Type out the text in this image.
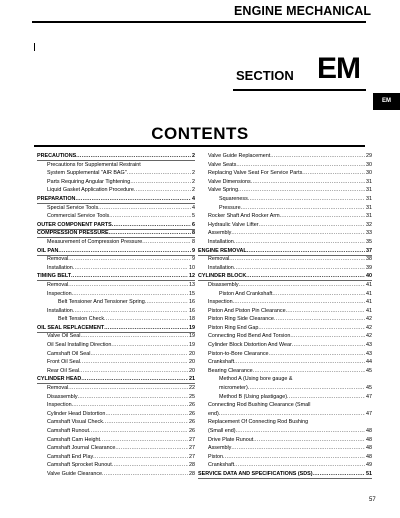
ENGINE MECHANICAL
SECTION EM
EM
CONTENTS
PRECAUTIONS .....	2
Precautions for Supplemental Restraint
System Supplemental "AIR BAG" .....	2
Parts Requiring Angular Tightening .....	2
Liquid Gasket Application Procedure .....	2
PREPARATION .....	4
Special Service Tools .....	4
Commercial Service Tools .....	5
OUTER COMPONENT PARTS .....	6
COMPRESSION PRESSURE .....	8
Measurement of Compression Pressure .....	8
OIL PAN .....	9
Removal .....	9
Installation .....	10
TIMING BELT .....	12
Removal .....	13
Inspection .....	15
Belt Tensioner And Tensioner Spring .....	16
Installation .....	16
Belt Tension Check .....	18
OIL SEAL REPLACEMENT .....	19
Valve Oil Seal .....	19
Oil Seal Installing Direction .....	19
Camshaft Oil Seal .....	20
Front Oil Seal .....	20
Rear Oil Seal .....	20
CYLINDER HEAD .....	21
Removal .....	22
Disassembly .....	25
Inspection .....	26
Cylinder Head Distortion .....	26
Camshaft Visual Check .....	26
Camshaft Runout .....	26
Camshaft Cam Height .....	27
Camshaft Journal Clearance .....	27
Camshaft End Play .....	27
Camshaft Sprocket Runout .....	28
Valve Guide Clearance .....	28
Valve Guide Replacement .....	29
Valve Seats .....	30
Replacing Valve Seat For Service Parts .....	30
Valve Dimensions .....	31
Valve Spring .....	31
Squareness .....	31
Pressure .....	31
Rocker Shaft And Rocker Arm .....	31
Hydraulic Valve Lifter .....	32
Assembly .....	33
Installation .....	35
ENGINE REMOVAL .....	37
Removal .....	38
Installation .....	39
CYLINDER BLOCK .....	40
Disassembly .....	41
Piston And Crankshaft .....	41
Inspection .....	41
Piston And Piston Pin Clearance .....	41
Piston Ring Side Clearance .....	42
Piston Ring End Gap .....	42
Connecting Rod Bend And Torsion .....	42
Cylinder Block Distortion And Wear .....	43
Piston-to-Bore Clearance .....	43
Crankshaft .....	44
Bearing Clearance .....	45
Method A (Using bore gauge &
micrometer) .....	45
Method B (Using plastigage) .....	47
Connecting Rod Bushing Clearance (Small
end) .....	47
Replacement Of Connecting Rod Bushing
(Small end) .....	48
Drive Plate Runout .....	48
Assembly .....	48
Piston .....	48
Crankshaft .....	49
SERVICE DATA AND SPECIFICATIONS (SDS) .....	51
57
